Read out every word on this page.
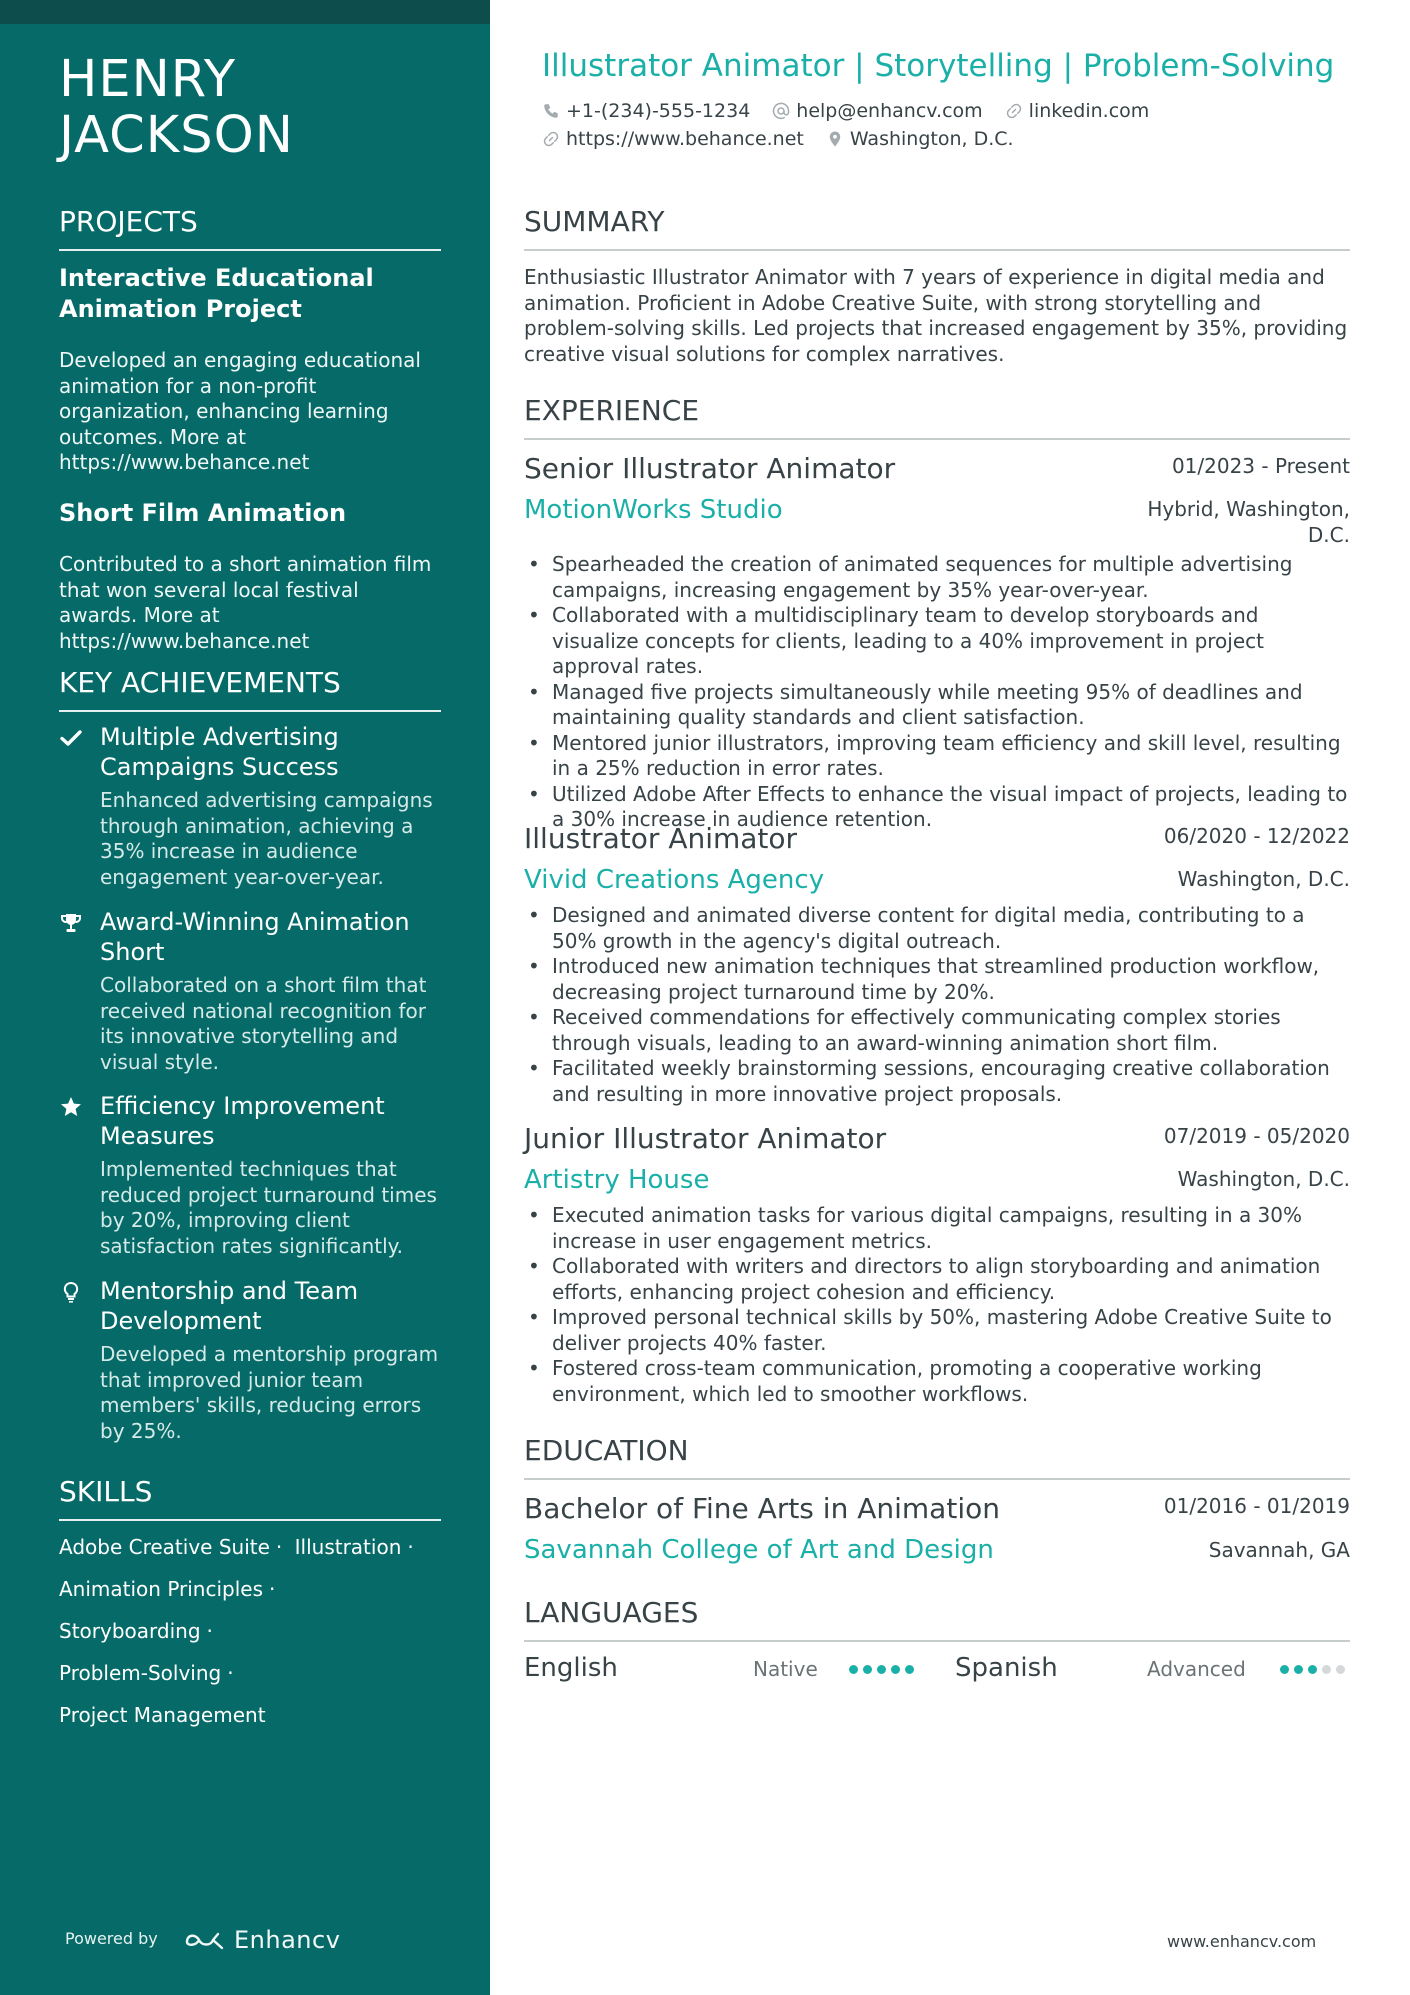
HENRY
JACKSON
PROJECTS
Interactive Educational Animation Project
Developed an engaging educational animation for a non-profit organization, enhancing learning outcomes. More at https://www.behance.net
Short Film Animation
Contributed to a short animation film that won several local festival awards. More at https://www.behance.net
KEY ACHIEVEMENTS
Multiple Advertising Campaigns Success
Enhanced advertising campaigns through animation, achieving a 35% increase in audience engagement year-over-year.
Award-Winning Animation Short
Collaborated on a short film that received national recognition for its innovative storytelling and visual style.
Efficiency Improvement Measures
Implemented techniques that reduced project turnaround times by 20%, improving client satisfaction rates significantly.
Mentorship and Team Development
Developed a mentorship program that improved junior team members' skills, reducing errors by 25%.
SKILLS
Adobe Creative Suite · Illustration ·
Animation Principles · Storyboarding ·
Problem-Solving ·
Project Management
Powered by	Enhancv
Illustrator Animator | Storytelling | Problem-Solving
+1-(234)-555-1234 help@enhancv.com linkedin.com
https://www.behance.net Washington, D.C.
SUMMARY
Enthusiastic Illustrator Animator with 7 years of experience in digital media and animation. Proficient in Adobe Creative Suite, with strong storytelling and problem-solving skills. Led projects that increased engagement by 35%, providing creative visual solutions for complex narratives.
EXPERIENCE
Senior Illustrator Animator	01/2023 - Present
MotionWorks Studio	Hybrid, Washington, D.C.
• Spearheaded the creation of animated sequences for multiple advertising campaigns, increasing engagement by 35% year-over-year.
• Collaborated with a multidisciplinary team to develop storyboards and visualize concepts for clients, leading to a 40% improvement in project approval rates.
• Managed five projects simultaneously while meeting 95% of deadlines and maintaining quality standards and client satisfaction.
• Mentored junior illustrators, improving team efficiency and skill level, resulting in a 25% reduction in error rates.
• Utilized Adobe After Effects to enhance the visual impact of projects, leading to a 30% increase in audience retention.
Illustrator Animator	06/2020 - 12/2022
Vivid Creations Agency	Washington, D.C.
• Designed and animated diverse content for digital media, contributing to a 50% growth in the agency's digital outreach.
• Introduced new animation techniques that streamlined production workflow, decreasing project turnaround time by 20%.
• Received commendations for effectively communicating complex stories through visuals, leading to an award-winning animation short film.
• Facilitated weekly brainstorming sessions, encouraging creative collaboration and resulting in more innovative project proposals.
Junior Illustrator Animator	07/2019 - 05/2020
Artistry House	Washington, D.C.
• Executed animation tasks for various digital campaigns, resulting in a 30% increase in user engagement metrics.
• Collaborated with writers and directors to align storyboarding and animation efforts, enhancing project cohesion and efficiency.
• Improved personal technical skills by 50%, mastering Adobe Creative Suite to deliver projects 40% faster.
• Fostered cross-team communication, promoting a cooperative working environment, which led to smoother workflows.
EDUCATION
Bachelor of Fine Arts in Animation	01/2016 - 01/2019
Savannah College of Art and Design	Savannah, GA
LANGUAGES
English	Native	Spanish	Advanced
www.enhancv.com
